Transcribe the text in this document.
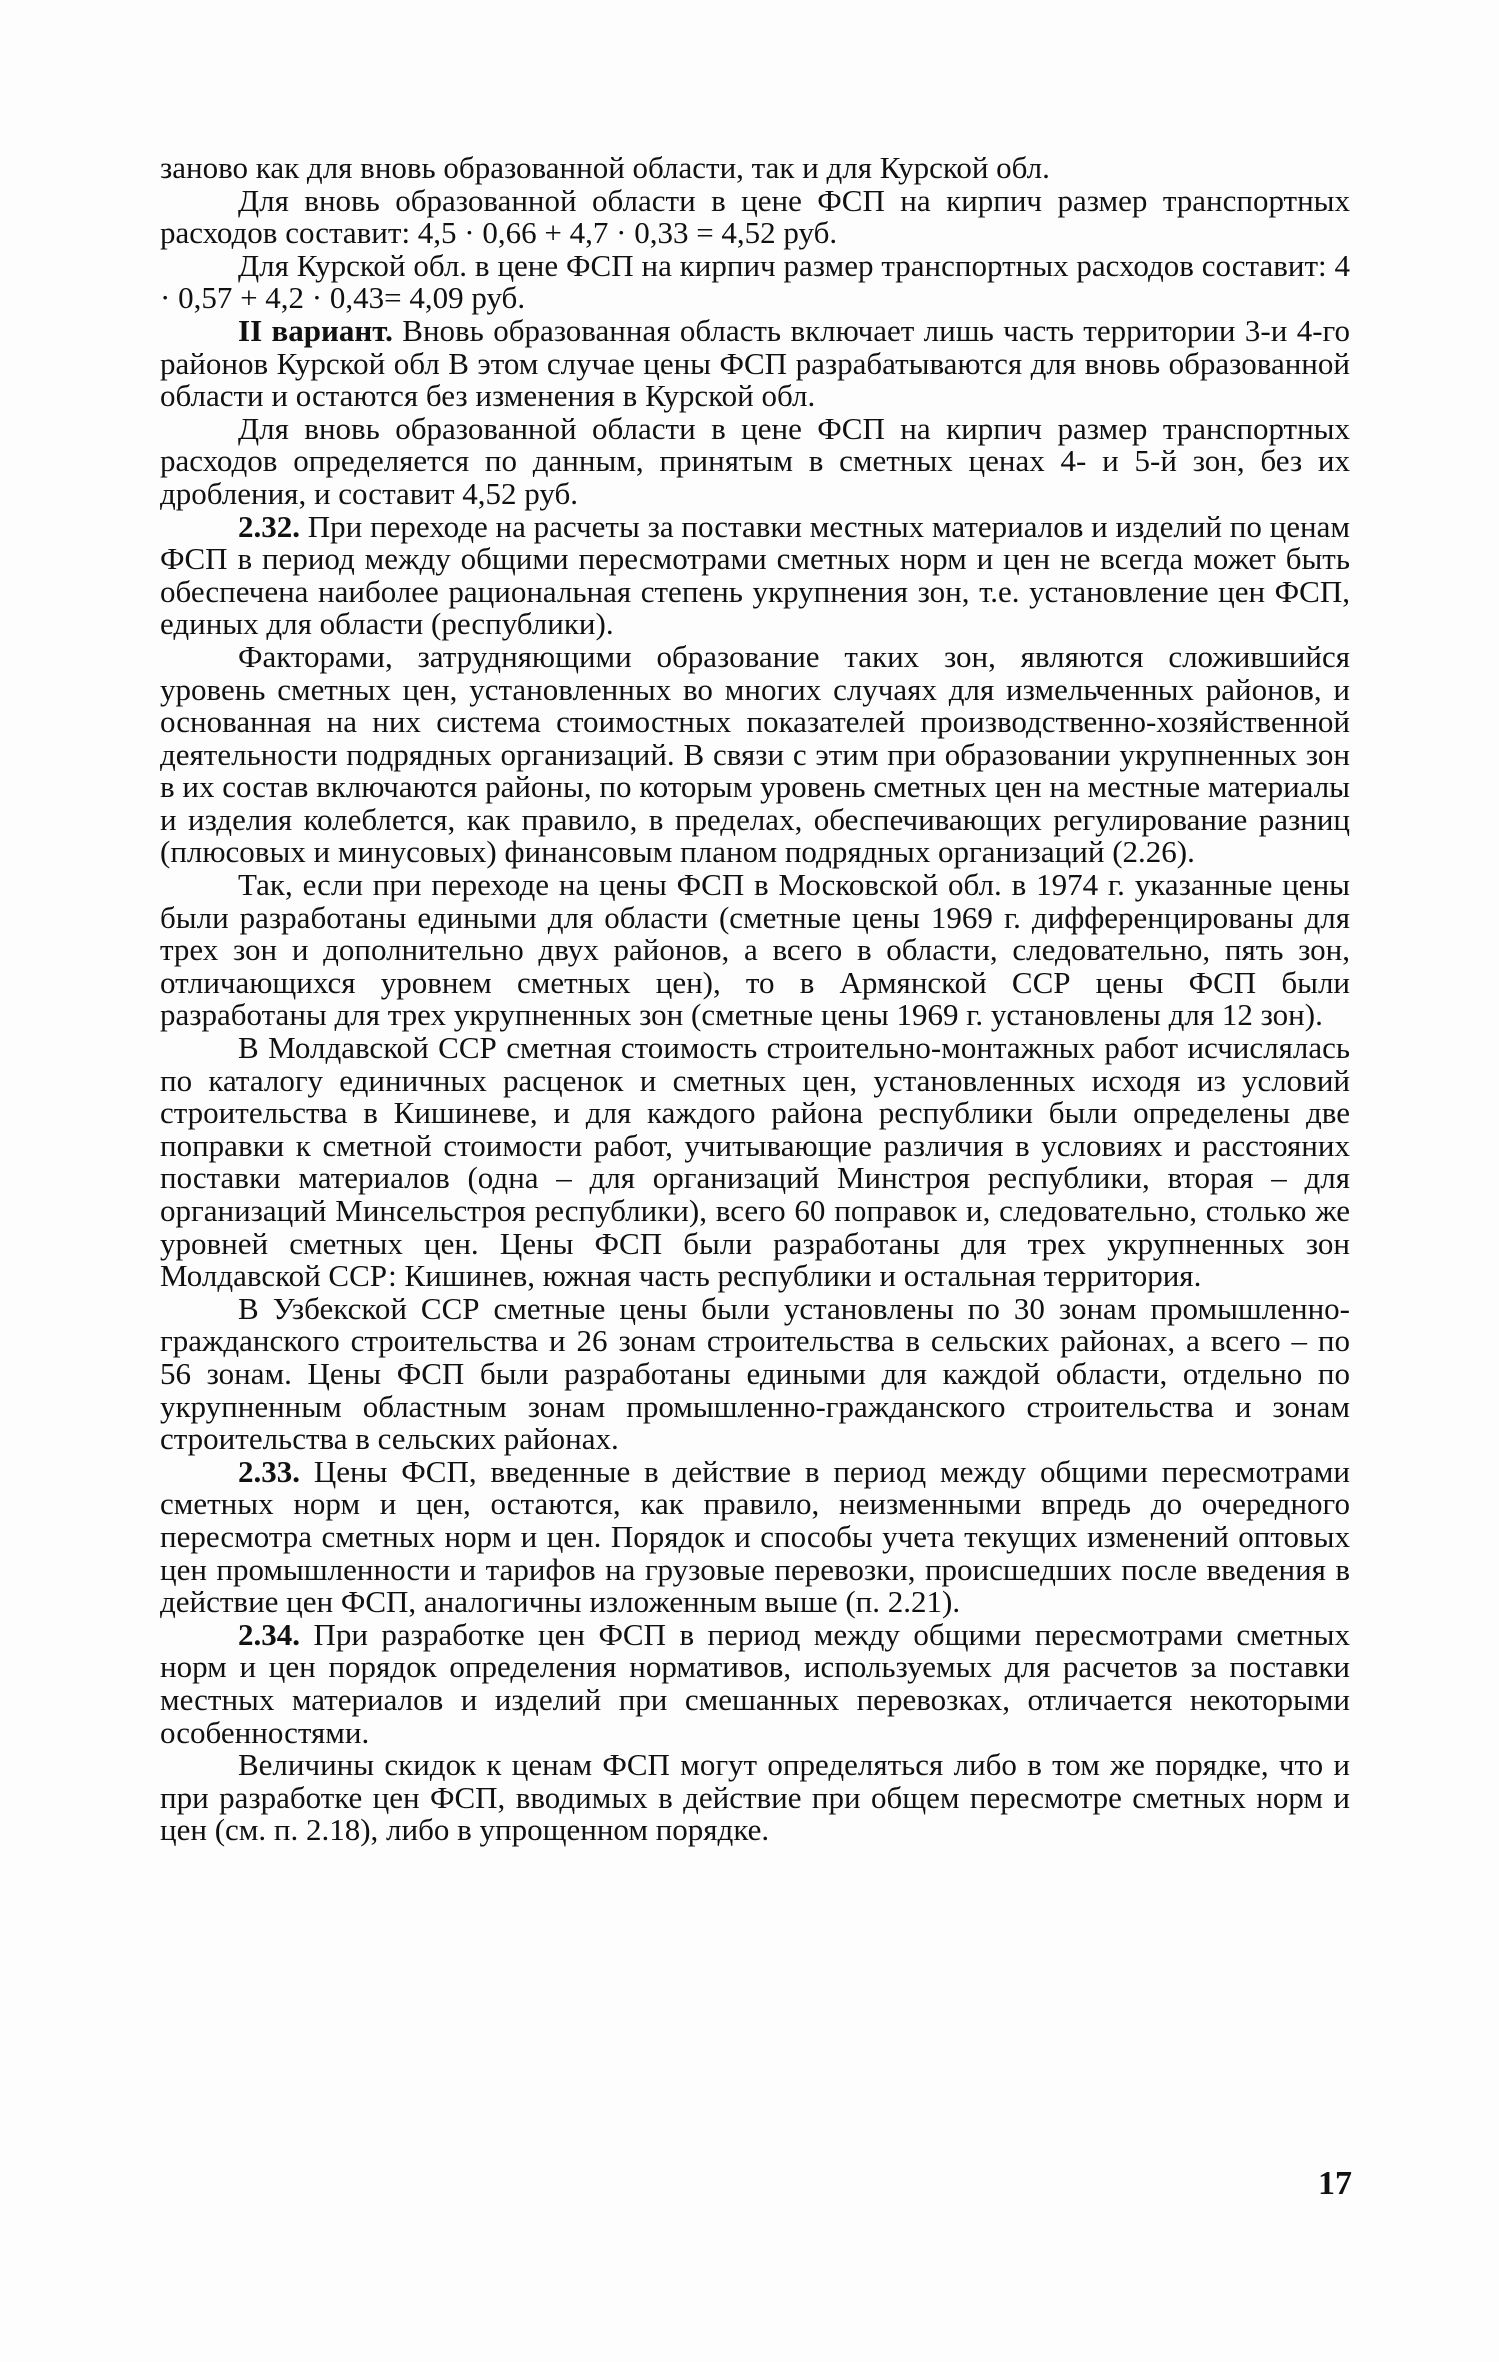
заново как для вновь образованной области, так и для Курской обл.

Для вновь образованной области в цене ФСП на кирпич размер транспортных расходов составит: 4,5 · 0,66 + 4,7 · 0,33 = 4,52 руб.

Для Курской обл. в цене ФСП на кирпич размер транспортных расходов составит: 4 · 0,57 + 4,2 · 0,43= 4,09 руб.

II вариант. Вновь образованная область включает лишь часть территории 3-и 4-го районов Курской обл В этом случае цены ФСП разрабатываются для вновь образованной области и остаются без изменения в Курской обл.

Для вновь образованной области в цене ФСП на кирпич размер транспортных расходов определяется по данным, принятым в сметных ценах 4- и 5-й зон, без их дробления, и составит 4,52 руб.

2.32. При переходе на расчеты за поставки местных материалов и изделий по ценам ФСП в период между общими пересмотрами сметных норм и цен не всегда может быть обеспечена наиболее рациональная степень укрупнения зон, т.е. установление цен ФСП, единых для области (республики).

Факторами, затрудняющими образование таких зон, являются сложившийся уровень сметных цен, установленных во многих случаях для измельченных районов, и основанная на них система стоимостных показателей производственно-хозяйственной деятельности подрядных организаций. В связи с этим при образовании укрупненных зон в их состав включаются районы, по которым уровень сметных цен на местные материалы и изделия колеблется, как правило, в пределах, обеспечивающих регулирование разниц (плюсовых и минусовых) финансовым планом подрядных организаций (2.26).

Так, если при переходе на цены ФСП в Московской обл. в 1974 г. указанные цены были разработаны едиными для области (сметные цены 1969 г. дифференцированы для трех зон и дополнительно двух районов, а всего в области, следовательно, пять зон, отличающихся уровнем сметных цен), то в Армянской ССР цены ФСП были разработаны для трех укрупненных зон (сметные цены 1969 г. установлены для 12 зон).

В Молдавской ССР сметная стоимость строительно-монтажных работ исчислялась по каталогу единичных расценок и сметных цен, установленных исходя из условий строительства в Кишиневе, и для каждого района республики были определены две поправки к сметной стоимости работ, учитывающие различия в условиях и расстояних поставки материалов (одна – для организаций Минстроя республики, вторая – для организаций Минсельстроя республики), всего 60 поправок и, следовательно, столько же уровней сметных цен. Цены ФСП были разработаны для трех укрупненных зон Молдавской ССР: Кишинев, южная часть республики и остальная территория.

В Узбекской ССР сметные цены были установлены по 30 зонам промышленно-гражданского строительства и 26 зонам строительства в сельских районах, а всего – по 56 зонам. Цены ФСП были разработаны едиными для каждой области, отдельно по укрупненным областным зонам промышленно-гражданского строительства и зонам строительства в сельских районах.

2.33. Цены ФСП, введенные в действие в период между общими пересмотрами сметных норм и цен, остаются, как правило, неизменными впредь до очередного пересмотра сметных норм и цен. Порядок и способы учета текущих изменений оптовых цен промышленности и тарифов на грузовые перевозки, происшедших после введения в действие цен ФСП, аналогичны изложенным выше (п. 2.21).

2.34. При разработке цен ФСП в период между общими пересмотрами сметных норм и цен порядок определения нормативов, используемых для расчетов за поставки местных материалов и изделий при смешанных перевозках, отличается некоторыми особенностями.

Величины скидок к ценам ФСП могут определяться либо в том же порядке, что и при разработке цен ФСП, вводимых в действие при общем пересмотре сметных норм и цен (см. п. 2.18), либо в упрощенном порядке.

17
